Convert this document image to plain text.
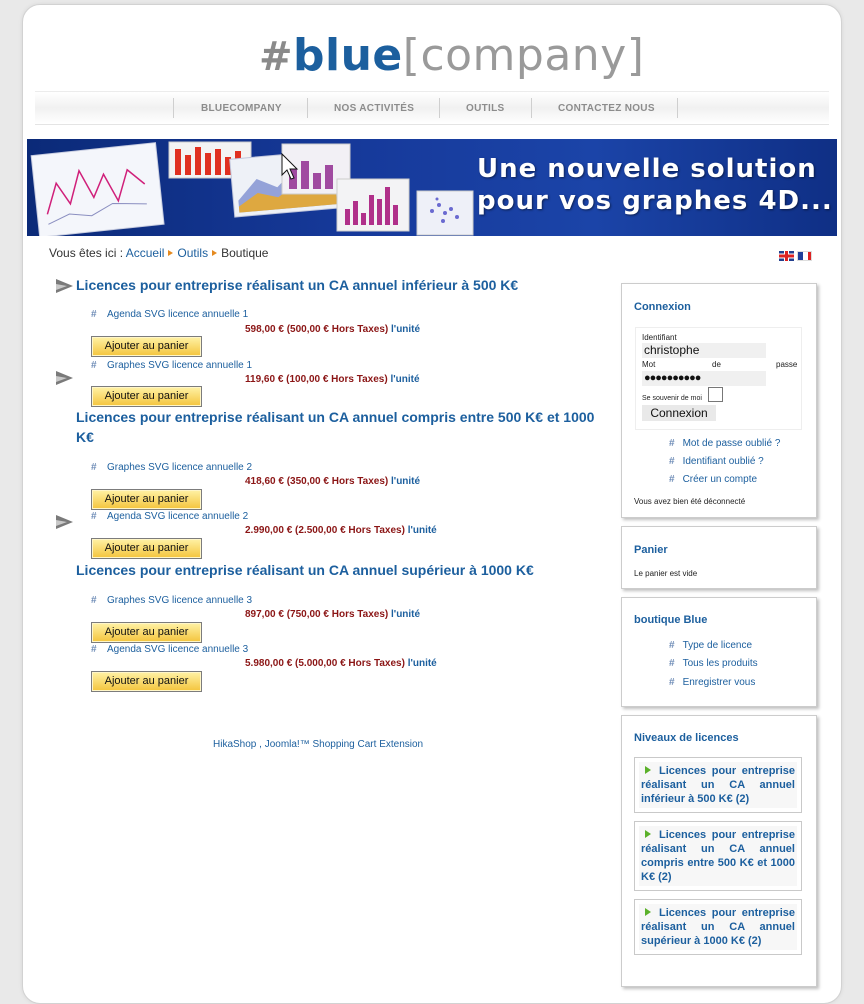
#blue[company]
BLUECOMPANY	NOS ACTIVITÉS	OUTILS	CONTACTEZ NOUS
Une nouvelle solution
pour vos graphes 4D...
Vous êtes ici : Accueil Outils Boutique
Licences pour entreprise réalisant un CA annuel inférieur à 500 K€
# Agenda SVG licence annuelle 1
598,00 € (500,00 € Hors Taxes) l'unité
Ajouter au panier
# Graphes SVG licence annuelle 1
119,60 € (100,00 € Hors Taxes) l'unité
Ajouter au panier
Licences pour entreprise réalisant un CA annuel compris entre 500 K€ et 1000 K€
# Graphes SVG licence annuelle 2
418,60 € (350,00 € Hors Taxes) l'unité
Ajouter au panier
# Agenda SVG licence annuelle 2
2.990,00 € (2.500,00 € Hors Taxes) l'unité
Ajouter au panier
Licences pour entreprise réalisant un CA annuel supérieur à 1000 K€
# Graphes SVG licence annuelle 3
897,00 € (750,00 € Hors Taxes) l'unité
Ajouter au panier
# Agenda SVG licence annuelle 3
5.980,00 € (5.000,00 € Hors Taxes) l'unité
Ajouter au panier
HikaShop , Joomla!™ Shopping Cart Extension
Connexion
Identifiant
christophe
Mot	de	passe
●●●●●●●●●●
Se souvenir de moi
Connexion
# Mot de passe oublié ?
# Identifiant oublié ?
# Créer un compte
Vous avez bien été déconnecté
Panier
Le panier est vide
boutique Blue
# Type de licence
# Tous les produits
# Enregistrer vous
Niveaux de licences
Licences pour entreprise réalisant un CA annuel inférieur à 500 K€ (2)
Licences pour entreprise réalisant un CA annuel compris entre 500 K€ et 1000 K€ (2)
Licences pour entreprise réalisant un CA annuel supérieur à 1000 K€ (2)
